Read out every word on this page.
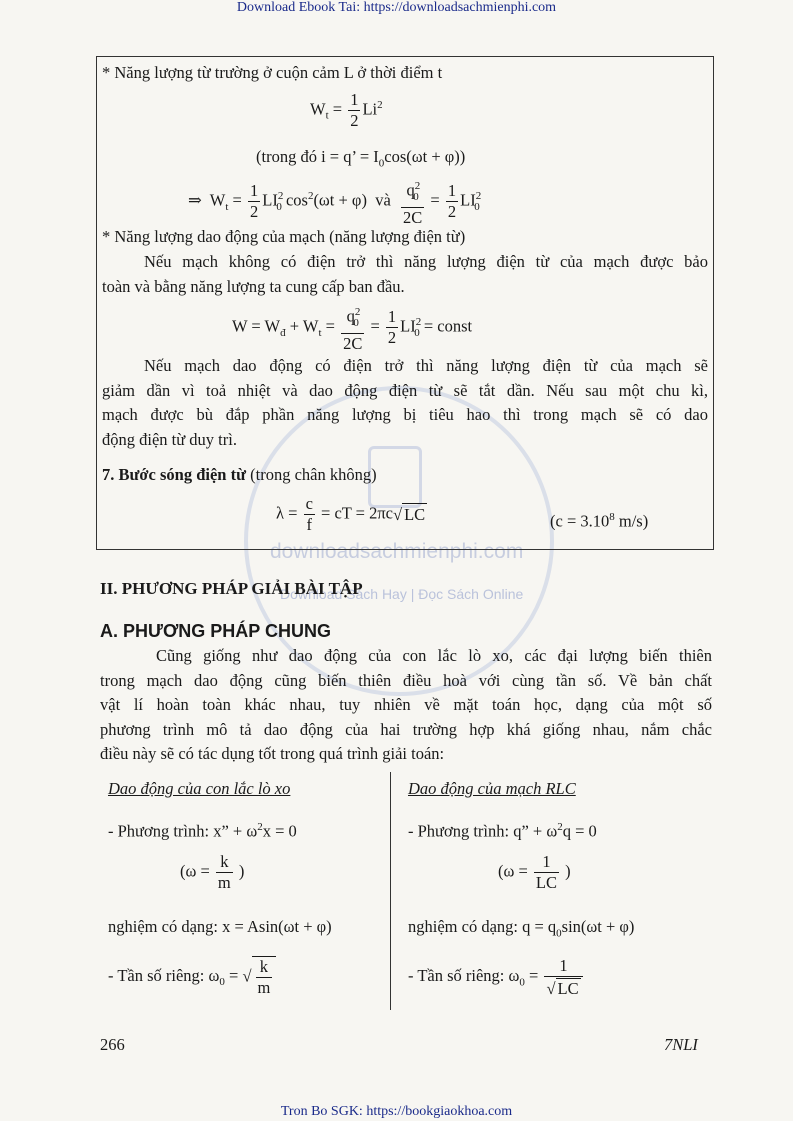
Download Ebook Tai: https://downloadsachmienphi.com
downloadsachmienphi.com
Download Sách Hay | Đọc Sách Online
* Năng lượng từ trường ở cuộn cảm L ở thời điểm t
$W_t = \frac{1}{2} Li^2$
(trong đó i = q’ = $I_0\cos(\omega t + \varphi)$)
⇒ $W_t = \frac{1}{2} LI^2_0$ $\cos^2(\omega t + \varphi)$ và $\frac{q^2_0}{2C} = \frac{1}{2} LI^2_0$
* Năng lượng dao động của mạch (năng lượng điện từ)
Nếu mạch không có điện trở thì năng lượng điện từ của mạch được bảo
toàn và bằng năng lượng ta cung cấp ban đầu.
$W = W_đ + W_t = \frac{q^2_0}{2C} = \frac{1}{2} LI^2_0$ = const
Nếu mạch dao động có điện trở thì năng lượng điện từ của mạch sẽ
giảm dần vì toả nhiệt và dao động điện từ sẽ tắt dần. Nếu sau một chu kì,
mạch được bù đắp phần năng lượng bị tiêu hao thì trong mạch sẽ có dao
động điện từ duy trì.
7. Bước sóng điện từ (trong chân không)
$\lambda = \frac{c}{f}$ = cT = 2πc√ LC	($c = 3.10^8$ m/s)
II. PHƯƠNG PHÁP GIẢI BÀI TẬP
A. PHƯƠNG PHÁP CHUNG
Cũng giống như dao động của con lắc lò xo, các đại lượng biến thiên
trong mạch dao động cũng biến thiên điều hoà với cùng tần số. Về bản chất
vật lí hoàn toàn khác nhau, tuy nhiên về mặt toán học, dạng của một số
phương trình mô tả dao động của hai trường hợp khá giống nhau, nắm chắc
điều này sẽ có tác dụng tốt trong quá trình giải toán:
Dao động của con lắc lò xo
- Phương trình: x” + $\omega^2x = 0$
($\omega = \frac{k}{m}$ )
nghiệm có dạng: x = Asin(ωt + φ)
- Tần số riêng: $\omega_0$ = √ $\frac{k}{m}$
Dao động của mạch RLC
- Phương trình: q” + $\omega^2q = 0$
($\omega = \frac{1}{LC}$ )
nghiệm có dạng: $q = q_0\sin(\omega t + \varphi)$
- Tần số riêng: $\omega_0 = \frac{1}{√ LC}$
266	7NLI
Tron Bo SGK: https://bookgiaokhoa.com
